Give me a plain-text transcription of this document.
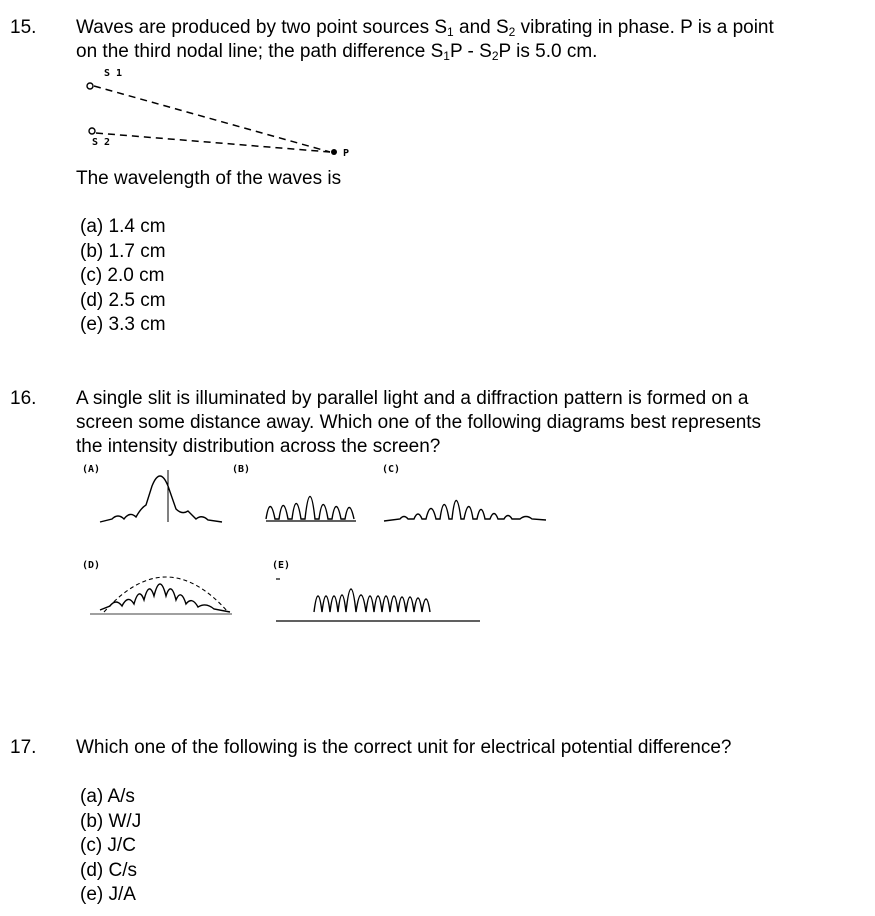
15. Waves are produced by two point sources $S_1$ and $S_2$ vibrating in phase. P is a point
on the third nodal line; the path difference $S_1P - S_2P$ is 5.0 cm.
S 1
S 2
P
The wavelength of the waves is
(a) 1.4 cm
(b) 1.7 cm
(c) 2.0 cm
(d) 2.5 cm
(e) 3.3 cm
16. A single slit is illuminated by parallel light and a diffraction pattern is formed on a
screen some distance away. Which one of the following diagrams best represents
the intensity distribution across the screen?
(A)	(B)	(C)
(D)	(E)
17. Which one of the following is the correct unit for electrical potential difference?
(a) A/s
(b) W/J
(c) J/C
(d) C/s
(e) J/A
